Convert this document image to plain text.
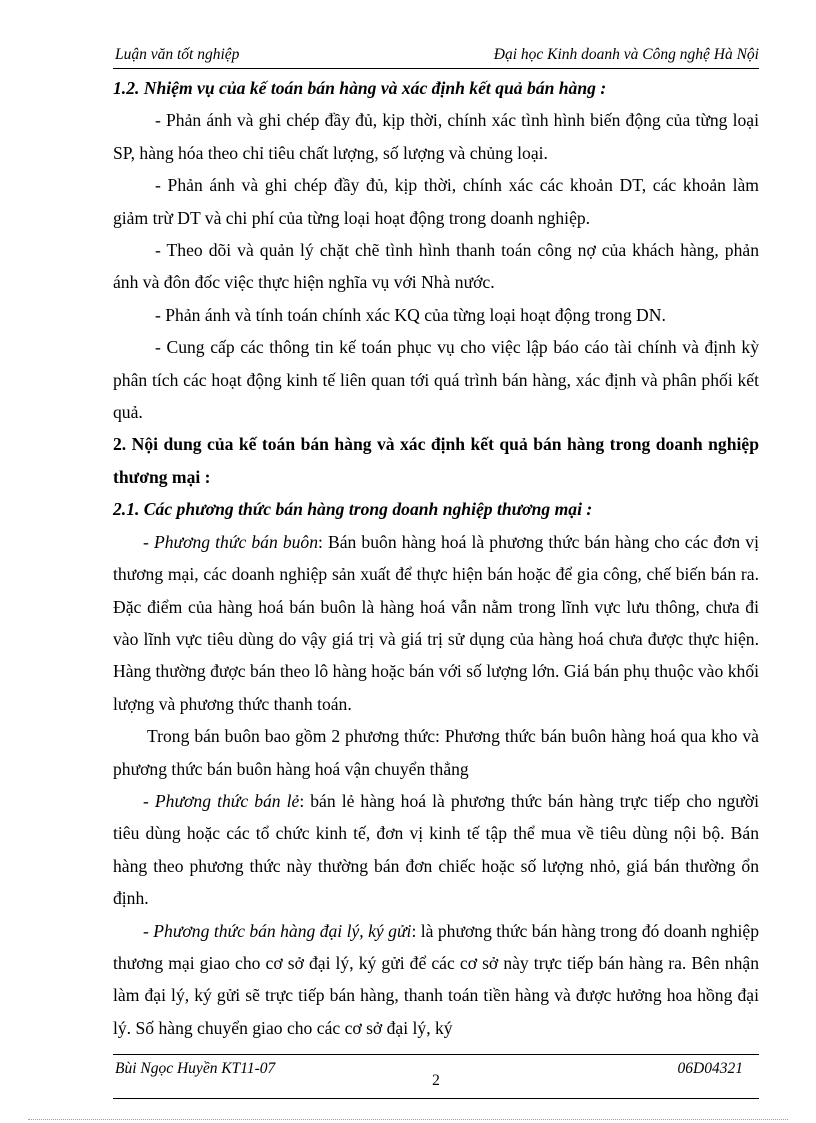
Luận văn tốt nghiệp	Đại học Kinh doanh và Công nghệ Hà Nội

1.2. Nhiệm vụ của kế toán bán hàng và xác định kết quả bán hàng :

- Phản ánh và ghi chép đầy đủ, kịp thời, chính xác tình hình biến động của từng loại SP, hàng hóa theo chỉ tiêu chất lượng, số lượng và chủng loại.

- Phản ánh và ghi chép đầy đủ, kịp thời, chính xác các khoản DT, các khoản làm giảm trừ DT và chi phí của từng loại hoạt động trong doanh nghiệp.

- Theo dõi và quản lý chặt chẽ tình hình thanh toán công nợ của khách hàng, phản ánh và đôn đốc việc thực hiện nghĩa vụ với Nhà nước.

- Phản ánh và tính toán chính xác KQ của từng loại hoạt động trong DN.

- Cung cấp các thông tin kế toán phục vụ cho việc lập báo cáo tài chính và định kỳ phân tích các hoạt động kinh tế liên quan tới quá trình bán hàng, xác định và phân phối kết quả.

2. Nội dung của kế toán bán hàng và xác định kết quả bán hàng trong doanh nghiệp thương mại :

2.1. Các phương thức bán hàng trong doanh nghiệp thương mại :

- Phương thức bán buôn: Bán buôn hàng hoá là phương thức bán hàng cho các đơn vị thương mại, các doanh nghiệp sản xuất để thực hiện bán hoặc để gia công, chế biến bán ra. Đặc điểm của hàng hoá bán buôn là hàng hoá vẫn nằm trong lĩnh vực lưu thông, chưa đi vào lĩnh vực tiêu dùng do vậy giá trị và giá trị sử dụng của hàng hoá chưa được thực hiện. Hàng thường được bán theo lô hàng hoặc bán với số lượng lớn. Giá bán phụ thuộc vào khối lượng và phương thức thanh toán.

Trong bán buôn bao gồm 2 phương thức: Phương thức bán buôn hàng hoá qua kho và phương thức bán buôn hàng hoá vận chuyển thẳng

- Phương thức bán lẻ: bán lẻ hàng hoá là phương thức bán hàng trực tiếp cho người tiêu dùng hoặc các tổ chức kinh tế, đơn vị kinh tế tập thể mua về tiêu dùng nội bộ. Bán hàng theo phương thức này thường bán đơn chiếc hoặc số lượng nhỏ, giá bán thường ổn định.

- Phương thức bán hàng đại lý, ký gửi: là phương thức bán hàng trong đó doanh nghiệp thương mại giao cho cơ sở đại lý, ký gửi để các cơ sở này trực tiếp bán hàng ra. Bên nhận làm đại lý, ký gửi sẽ trực tiếp bán hàng, thanh toán tiền hàng và được hưởng hoa hồng đại lý. Số hàng chuyển giao cho các cơ sở đại lý, ký

Bùi Ngọc Huyền KT11-07	06D04321
2
